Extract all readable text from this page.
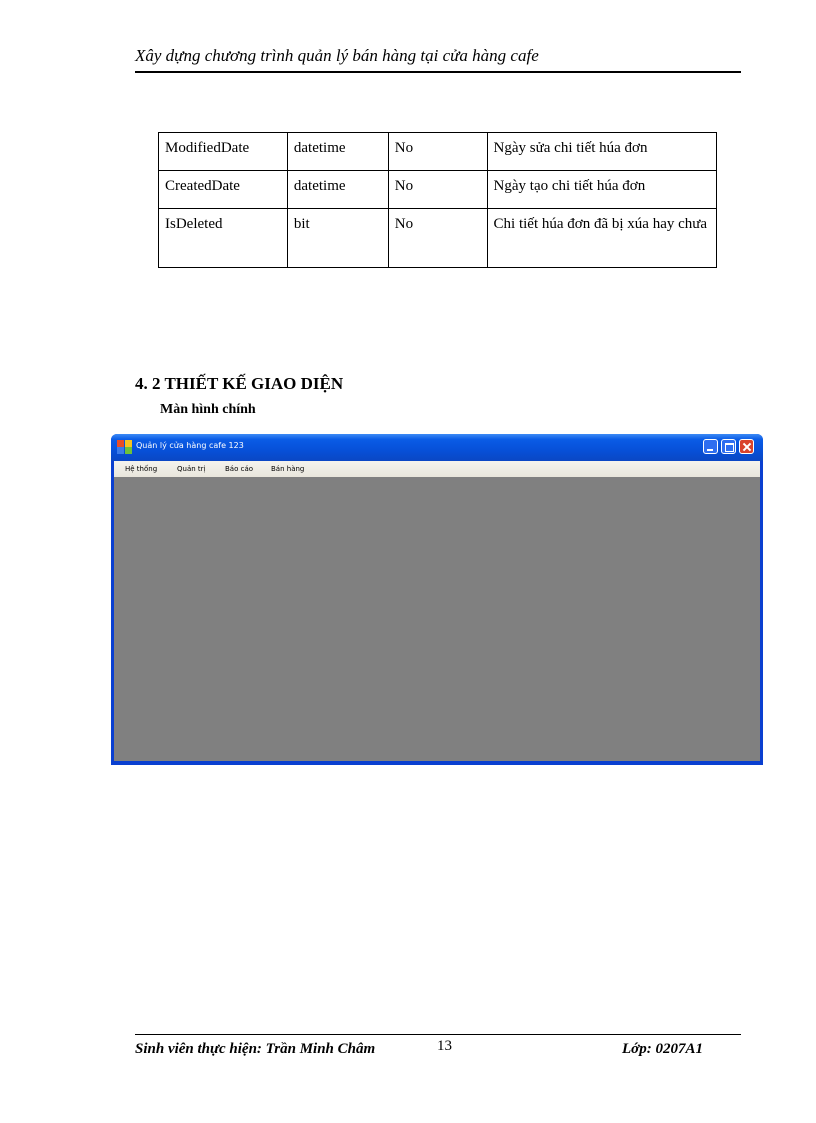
Xây dựng chương trình quản lý bán hàng tại cửa hàng cafe
ModifiedDate	datetime	No	Ngày sửa chi tiết húa đơn
CreatedDate	datetime	No	Ngày tạo chi tiết húa đơn
IsDeleted	bit	No	Chi tiết húa đơn đã bị xúa hay chưa
4. 2 THIẾT KẾ GIAO DIỆN
Màn hình chính
Quản lý cửa hàng cafe 123
Hệ thống	Quản trị	Báo cáo	Bán hàng
Sinh viên thực hiện: Trần Minh Châm	13	Lớp: 0207A1
